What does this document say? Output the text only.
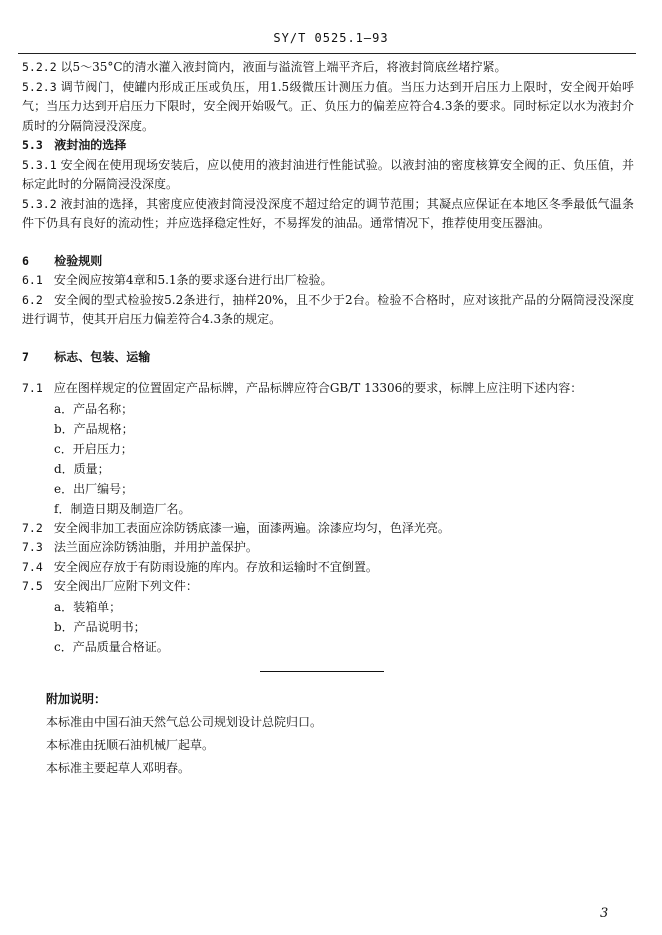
SY/T 0525.1—93
5.2.2 以5～35°C的清水灌入液封筒内，液面与溢流管上端平齐后，将液封筒底丝堵拧紧。
5.2.3 调节阀门，使罐内形成正压或负压，用1.5级微压计测压力值。当压力达到开启压力上限时，安全阀开始呼气；当压力达到开启压力下限时，安全阀开始吸气。正、负压力的偏差应符合4.3条的要求。同时标定以水为液封介质时的分隔筒浸没深度。
5.3 液封油的选择
5.3.1 安全阀在使用现场安装后，应以使用的液封油进行性能试验。以液封油的密度核算安全阀的正、负压值，并标定此时的分隔筒浸没深度。
5.3.2 液封油的选择，其密度应使液封筒浸没深度不超过给定的调节范围；其凝点应保证在本地区冬季最低气温条件下仍具有良好的流动性；并应选择稳定性好，不易挥发的油品。通常情况下，推荐使用变压器油。
6 检验规则
6.1 安全阀应按第4章和5.1条的要求逐台进行出厂检验。
6.2 安全阀的型式检验按5.2条进行，抽样20%，且不少于2台。检验不合格时，应对该批产品的分隔筒浸没深度进行调节，使其开启压力偏差符合4.3条的规定。
7 标志、包装、运输
7.1 应在图样规定的位置固定产品标牌，产品标牌应符合GB/T 13306的要求，标牌上应注明下述内容：
a．产品名称；
b．产品规格；
c．开启压力；
d．质量；
e．出厂编号；
f．制造日期及制造厂名。
7.2 安全阀非加工表面应涂防锈底漆一遍，面漆两遍。涂漆应均匀，色泽光亮。
7.3 法兰面应涂防锈油脂，并用护盖保护。
7.4 安全阀应存放于有防雨设施的库内。存放和运输时不宜倒置。
7.5 安全阀出厂应附下列文件：
a．装箱单；
b．产品说明书；
c．产品质量合格证。
附加说明：
本标准由中国石油天然气总公司规划设计总院归口。
本标准由抚顺石油机械厂起草。
本标准主要起草人邓明春。
3
